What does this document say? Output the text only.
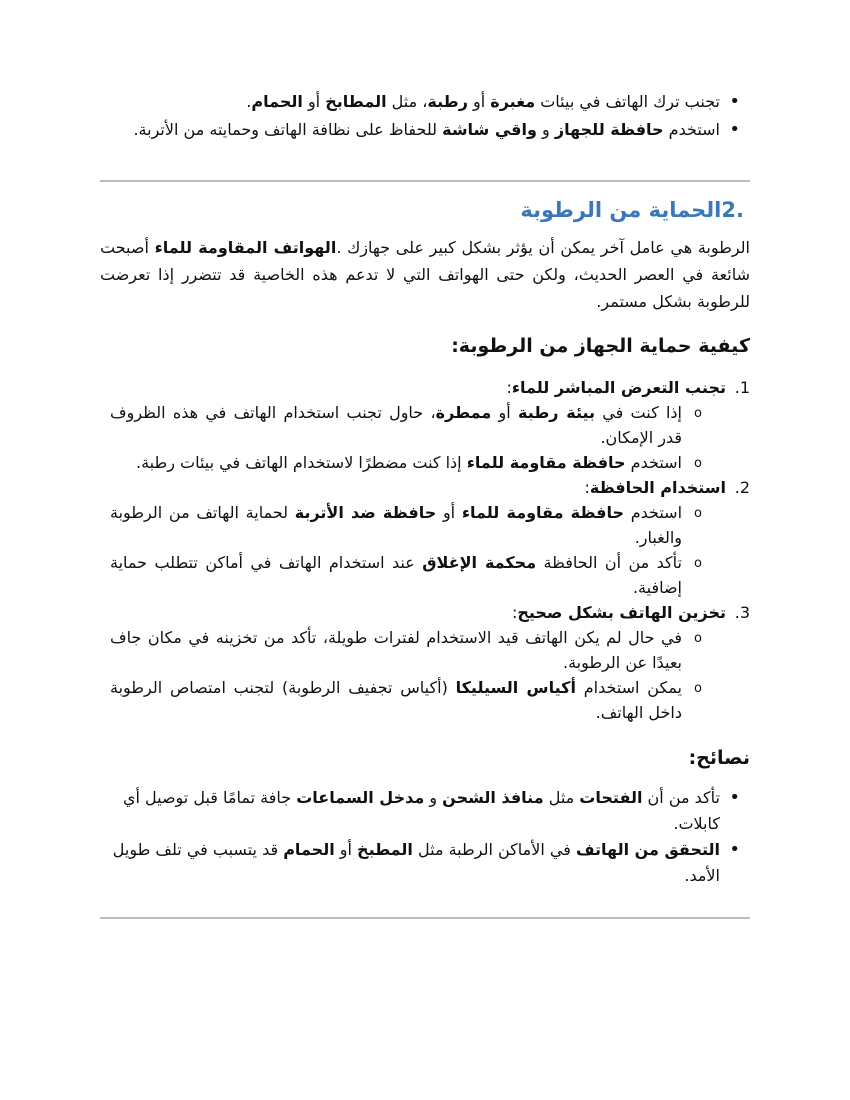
• تجنب ترك الهاتف في بيئات مغبرة أو رطبة، مثل المطابخ أو الحمام.
• استخدم حافظة للجهاز و واقي شاشة للحفاظ على نظافة الهاتف وحمايته من الأتربة.
.2الحماية من الرطوبة

الرطوبة هي عامل آخر يمكن أن يؤثر بشكل كبير على جهازك .الهواتف المقاومة للماء أصبحت شائعة في العصر الحديث، ولكن حتى الهواتف التي لا تدعم هذه الخاصية قد تتضرر إذا تعرضت للرطوبة بشكل مستمر.

كيفية حماية الجهاز من الرطوبة:
1.
تجنب التعرض المباشر للماء:
o إذا كنت في بيئة رطبة أو ممطرة، حاول تجنب استخدام الهاتف في هذه الظروف قدر الإمكان.
o استخدم حافظة مقاومة للماء إذا كنت مضطرًا لاستخدام الهاتف في بيئات رطبة.
2.
استخدام الحافظة:
o استخدم حافظة مقاومة للماء أو حافظة ضد الأتربة لحماية الهاتف من الرطوبة والغبار.
o تأكد من أن الحافظة محكمة الإغلاق عند استخدام الهاتف في أماكن تتطلب حماية إضافية.
3.
تخزين الهاتف بشكل صحيح:
o في حال لم يكن الهاتف قيد الاستخدام لفترات طويلة، تأكد من تخزينه في مكان جاف بعيدًا عن الرطوبة.
o يمكن استخدام أكياس السيليكا (أكياس تجفيف الرطوبة) لتجنب امتصاص الرطوبة داخل الهاتف.
نصائح:
• تأكد من أن الفتحات مثل منافذ الشحن و مدخل السماعات جافة تمامًا قبل توصيل أي كابلات.
• التحقق من الهاتف في الأماكن الرطبة مثل المطبخ أو الحمام قد يتسبب في تلف طويل الأمد.
